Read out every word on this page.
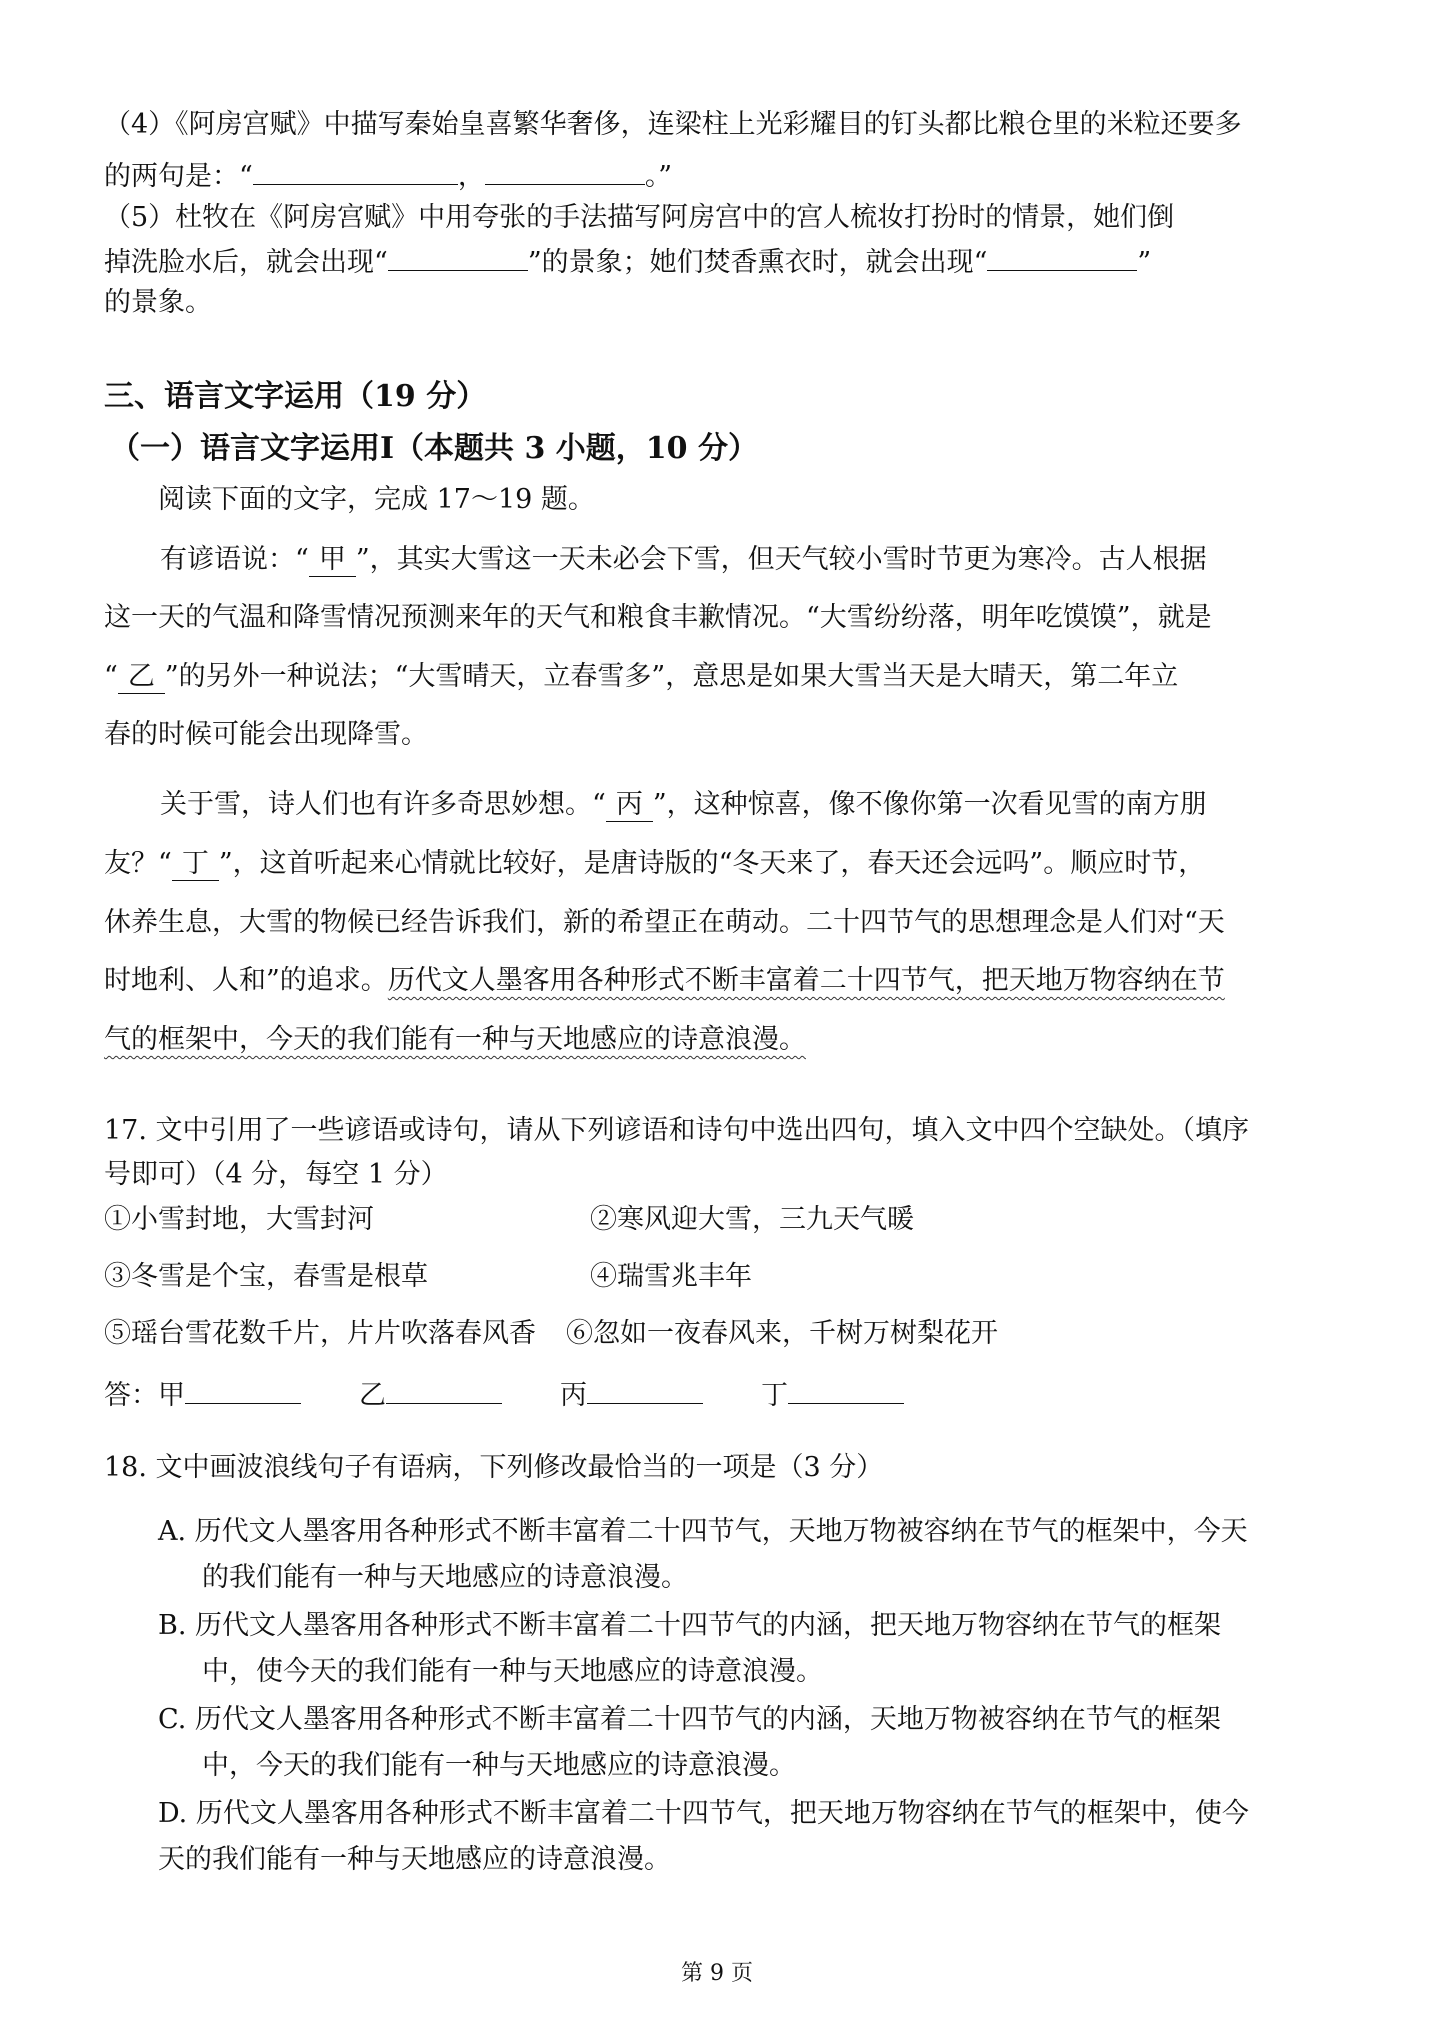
（4）《阿房宫赋》中描写秦始皇喜繁华奢侈，连梁柱上光彩耀目的钉头都比粮仓里的米粒还要多
的两句是：“	，	。”
（5）杜牧在《阿房宫赋》中用夸张的手法描写阿房宫中的宫人梳妆打扮时的情景，她们倒
掉洗脸水后，就会出现“	”的景象；她们焚香熏衣时，就会出现“	”
的景象。
三、语言文字运用（19 分）
（一）语言文字运用Ⅰ（本题共 3 小题，10 分）
阅读下面的文字，完成 17～19 题。
有谚语说：“ 甲 ”，其实大雪这一天未必会下雪，但天气较小雪时节更为寒冷。古人根据
这一天的气温和降雪情况预测来年的天气和粮食丰歉情况。“大雪纷纷落，明年吃馍馍”，就是
“ 乙 ”的另外一种说法；“大雪晴天，立春雪多”，意思是如果大雪当天是大晴天，第二年立
春的时候可能会出现降雪。
关于雪，诗人们也有许多奇思妙想。“ 丙 ”，这种惊喜，像不像你第一次看见雪的南方朋
友？“ 丁 ”，这首听起来心情就比较好，是唐诗版的“冬天来了，春天还会远吗”。顺应时节，
休养生息，大雪的物候已经告诉我们，新的希望正在萌动。二十四节气的思想理念是人们对“天
时地利、人和”的追求。历代文人墨客用各种形式不断丰富着二十四节气，把天地万物容纳在节
气的框架中，今天的我们能有一种与天地感应的诗意浪漫。
17. 文中引用了一些谚语或诗句，请从下列谚语和诗句中选出四句，填入文中四个空缺处。（填序
号即可）（4 分，每空 1 分）
①小雪封地，大雪封河	②寒风迎大雪，三九天气暖
③冬雪是个宝，春雪是根草	④瑞雪兆丰年
⑤瑶台雪花数千片，片片吹落春风香 ⑥忽如一夜春风来，千树万树梨花开
答：甲	乙	丙	丁
18. 文中画波浪线句子有语病，下列修改最恰当的一项是（3 分）
A. 历代文人墨客用各种形式不断丰富着二十四节气，天地万物被容纳在节气的框架中，今天
的我们能有一种与天地感应的诗意浪漫。
B. 历代文人墨客用各种形式不断丰富着二十四节气的内涵，把天地万物容纳在节气的框架
中，使今天的我们能有一种与天地感应的诗意浪漫。
C. 历代文人墨客用各种形式不断丰富着二十四节气的内涵，天地万物被容纳在节气的框架
中，今天的我们能有一种与天地感应的诗意浪漫。
D. 历代文人墨客用各种形式不断丰富着二十四节气，把天地万物容纳在节气的框架中，使今
天的我们能有一种与天地感应的诗意浪漫。
第 9 页
